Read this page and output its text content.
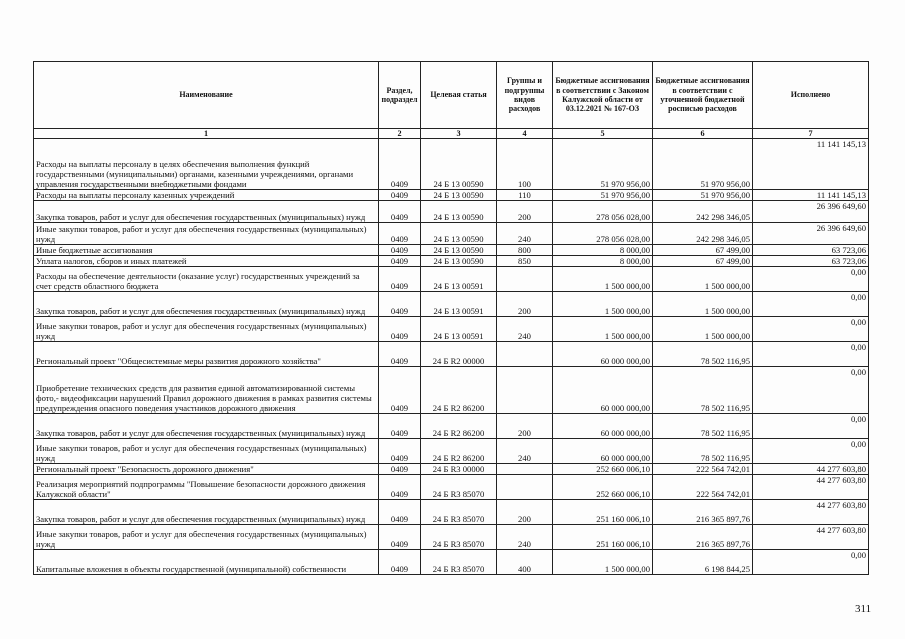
Наименование	Раздел, подраздел	Целевая статья	Группы и подгруппы видов расходов	Бюджетные ассигнования в соответствии с Законом Калужской области от 03.12.2021 № 167-ОЗ	Бюджетные ассигнования в соответствии с уточненной бюджетной росписью расходов	Исполнено
1	2	3	4	5	6	7
Расходы на выплаты персоналу в целях обеспечения выполнения функций государственными (муниципальными) органами, казенными учреждениями, органами управления государственными внебюджетными фондами	0409	24 Б 13 00590	100	51 970 956,00	51 970 956,00	11 141 145,13
Расходы на выплаты персоналу казенных учреждений	0409	24 Б 13 00590	110	51 970 956,00	51 970 956,00	11 141 145,13
Закупка товаров, работ и услуг для обеспечения государственных (муниципальных) нужд	0409	24 Б 13 00590	200	278 056 028,00	242 298 346,05	26 396 649,60
Иные закупки товаров, работ и услуг для обеспечения государственных (муниципальных) нужд	0409	24 Б 13 00590	240	278 056 028,00	242 298 346,05	26 396 649,60
Иные бюджетные ассигнования	0409	24 Б 13 00590	800	8 000,00	67 499,00	63 723,06
Уплата налогов, сборов и иных платежей	0409	24 Б 13 00590	850	8 000,00	67 499,00	63 723,06
Расходы на обеспечение деятельности (оказание услуг) государственных учреждений за счет средств областного бюджета	0409	24 Б 13 00591		1 500 000,00	1 500 000,00	0,00
Закупка товаров, работ и услуг для обеспечения государственных (муниципальных) нужд	0409	24 Б 13 00591	200	1 500 000,00	1 500 000,00	0,00
Иные закупки товаров, работ и услуг для обеспечения государственных (муниципальных) нужд	0409	24 Б 13 00591	240	1 500 000,00	1 500 000,00	0,00
Региональный проект "Общесистемные меры развития дорожного хозяйства"	0409	24 Б R2 00000		60 000 000,00	78 502 116,95	0,00
Приобретение технических средств для развития единой автоматизированной системы фото,- видеофиксации нарушений Правил дорожного движения в рамках развития системы предупреждения опасного поведения участников дорожного движения	0409	24 Б R2 86200		60 000 000,00	78 502 116,95	0,00
Закупка товаров, работ и услуг для обеспечения государственных (муниципальных) нужд	0409	24 Б R2 86200	200	60 000 000,00	78 502 116,95	0,00
Иные закупки товаров, работ и услуг для обеспечения государственных (муниципальных) нужд	0409	24 Б R2 86200	240	60 000 000,00	78 502 116,95	0,00
Региональный проект "Безопасность дорожного движения"	0409	24 Б R3 00000		252 660 006,10	222 564 742,01	44 277 603,80
Реализация мероприятий подпрограммы "Повышение безопасности дорожного движения Калужской области"	0409	24 Б R3 85070		252 660 006,10	222 564 742,01	44 277 603,80
Закупка товаров, работ и услуг для обеспечения государственных (муниципальных) нужд	0409	24 Б R3 85070	200	251 160 006,10	216 365 897,76	44 277 603,80
Иные закупки товаров, работ и услуг для обеспечения государственных (муниципальных) нужд	0409	24 Б R3 85070	240	251 160 006,10	216 365 897,76	44 277 603,80
Капитальные вложения в объекты государственной (муниципальной) собственности	0409	24 Б R3 85070	400	1 500 000,00	6 198 844,25	0,00
311
